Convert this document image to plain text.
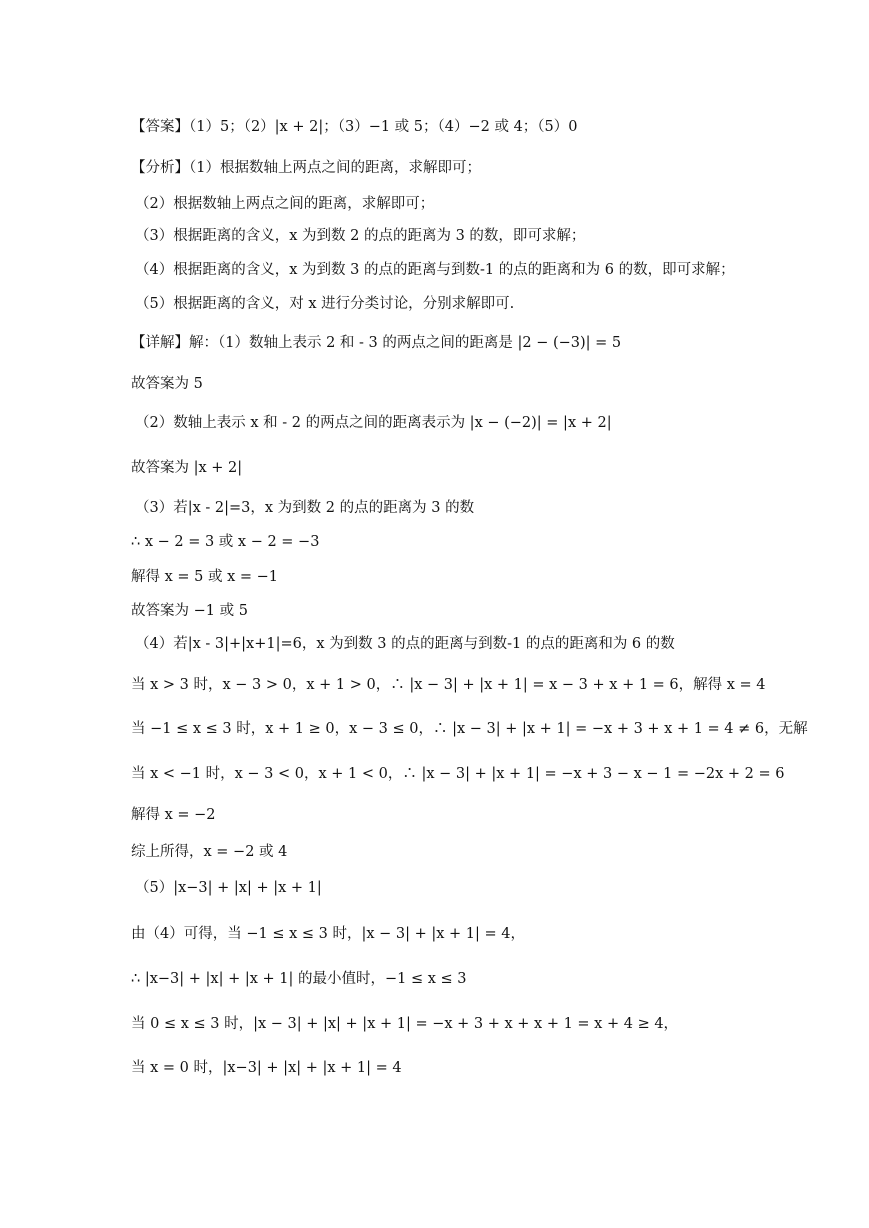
【答案】（1）5；（2）|x + 2|；（3）−1 或 5；（4）−2 或 4；（5）0
【分析】（1）根据数轴上两点之间的距离，求解即可；
（2）根据数轴上两点之间的距离，求解即可；
（3）根据距离的含义，x 为到数 2 的点的距离为 3 的数，即可求解；
（4）根据距离的含义，x 为到数 3 的点的距离与到数-1 的点的距离和为 6 的数，即可求解；
（5）根据距离的含义，对 x 进行分类讨论，分别求解即可.
【详解】解：（1）数轴上表示 2 和 - 3 的两点之间的距离是 |2 − (−3)| = 5
故答案为 5
（2）数轴上表示 x 和 - 2 的两点之间的距离表示为 |x − (−2)| = |x + 2|
故答案为 |x + 2|
（3）若|x - 2|=3，x 为到数 2 的点的距离为 3 的数
∴ x − 2 = 3 或 x − 2 = −3
解得 x = 5 或 x = −1
故答案为 −1 或 5
（4）若|x - 3|+|x+1|=6，x 为到数 3 的点的距离与到数-1 的点的距离和为 6 的数
当 x > 3 时，x − 3 > 0，x + 1 > 0，∴ |x − 3| + |x + 1| = x − 3 + x + 1 = 6，解得 x = 4
当 −1 ≤ x ≤ 3 时，x + 1 ≥ 0，x − 3 ≤ 0，∴ |x − 3| + |x + 1| = −x + 3 + x + 1 = 4 ≠ 6，无解
当 x < −1 时，x − 3 < 0，x + 1 < 0，∴ |x − 3| + |x + 1| = −x + 3 − x − 1 = −2x + 2 = 6
解得 x = −2
综上所得，x = −2 或 4
（5）|x−3| + |x| + |x + 1|
由（4）可得，当 −1 ≤ x ≤ 3 时，|x − 3| + |x + 1| = 4，
∴ |x−3| + |x| + |x + 1| 的最小值时，−1 ≤ x ≤ 3
当 0 ≤ x ≤ 3 时，|x − 3| + |x| + |x + 1| = −x + 3 + x + x + 1 = x + 4 ≥ 4，
当 x = 0 时，|x−3| + |x| + |x + 1| = 4
